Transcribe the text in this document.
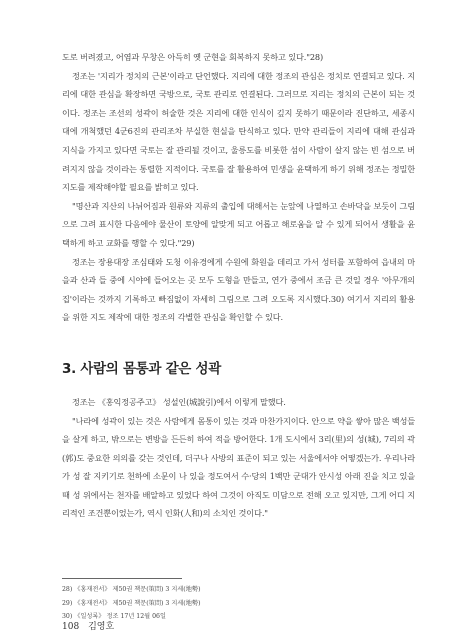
도로 버려졌고, 어염과 무창은 아득히 옛 군현을 회복하지 못하고 있다."28)

정조는 '지리가 정치의 근본'이라고 단언했다. 지리에 대한 정조의 관심은 정치로 연결되고 있다. 지리에 대한 관심을 확장하면 국방으로, 국토 관리로 연결된다. 그러므로 지리는 정치의 근본이 되는 것이다. 정조는 조선의 성곽이 허술한 것은 지리에 대한 인식이 깊지 못하기 때문이라 진단하고, 세종시대에 개척했던 4군6진의 관리조차 부실한 현실을 탄식하고 있다. 만약 관리들이 지리에 대해 관심과 지식을 가지고 있다면 국토는 잘 관리될 것이고, 울릉도를 비롯한 섬이 사람이 살지 않는 빈 섬으로 버려지지 않을 것이라는 통렬한 지적이다. 국토를 잘 활용하여 민생을 윤택하게 하기 위해 정조는 정밀한 지도를 제작해야할 필요를 밝히고 있다.

"명산과 지산의 나뉘어짐과 원류와 지류의 출입에 대해서는 눈앞에 나열하고 손바닥을 보듯이 그림으로 그려 표시한 다음에야 물산이 토양에 알맞게 되고 어롭고 해로움을 알 수 있게 되어서 생활을 윤택하게 하고 교화를 행할 수 있다."29)

정조는 장용대장 조심태와 도청 이유경에게 수원에 화원을 데리고 가서 성터를 포함하여 읍내의 마을과 산과 들 중에 시야에 들어오는 곳 모두 도형을 만들고, 연가 중에서 조금 큰 것일 경우 '아무개의 집'이라는 것까지 기록하고 빠짐없이 자세히 그림으로 그려 오도록 지시했다.30) 여기서 지리의 활용을 위한 지도 제작에 대한 정조의 각별한 관심을 확인할 수 있다.

3. 사람의 몸통과 같은 성곽

정조는 《홍익정공주고》 성설인(城說引)에서 이렇게 말했다.

"나라에 성곽이 있는 것은 사람에게 몸통이 있는 것과 마찬가지이다. 안으로 약을 쌓아 많은 백성들을 살게 하고, 밖으로는 변방을 든든히 하여 적을 방어한다. 1개 도시에서 3리(里)의 성(城), 7리의 곽(郭)도 중요한 의의를 갖는 것인데, 더구나 사방의 표준이 되고 있는 서울에서야 어떻겠는가. 우리나라가 성 잘 지키기로 천하에 소문이 나 있을 정도여서 수·당의 1백만 군대가 안시성 아래 진을 치고 있을 때 성 위에서는 천자를 배알하고 있었다 하여 그것이 아직도 미담으로 전해 오고 있지만, 그게 어디 지리적인 조건뿐이었는가, 역시 인화(人和)의 소치인 것이다."

28) 《홍재전서》 제50권 책문(策問) 3 지세(地勢)

29) 《홍재전서》 제50권 책문(策問) 3 지세(地勢)

30) 《일성록》 정조 17년 12월 06일

108 김영호
